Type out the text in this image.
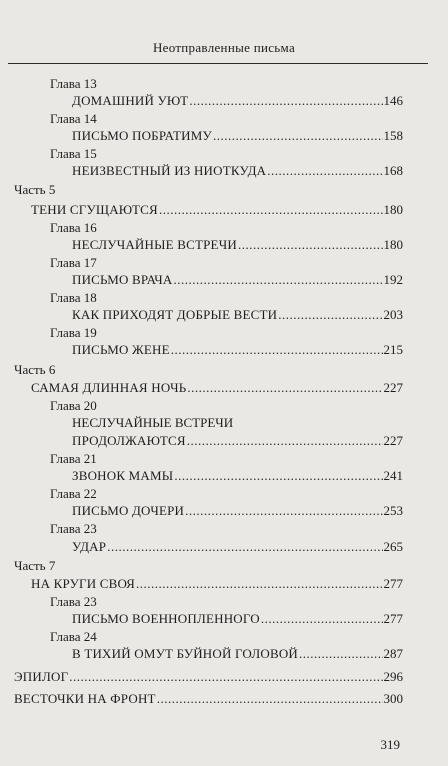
Неотправленные письма
Глава 13
ДОМАШНИЙ УЮТ .....	146
Глава 14
ПИСЬМО ПОБРАТИМУ .....	158
Глава 15
НЕИЗВЕСТНЫЙ ИЗ НИОТКУДА .....	168
Часть 5
ТЕНИ СГУЩАЮТСЯ .....	180
Глава 16
НЕСЛУЧАЙНЫЕ ВСТРЕЧИ .....	180
Глава 17
ПИСЬМО ВРАЧА .....	192
Глава 18
КАК ПРИХОДЯТ ДОБРЫЕ ВЕСТИ .....	203
Глава 19
ПИСЬМО ЖЕНЕ .....	215
Часть 6
САМАЯ ДЛИННАЯ НОЧЬ .....	227
Глава 20
НЕСЛУЧАЙНЫЕ ВСТРЕЧИ
ПРОДОЛЖАЮТСЯ .....	227
Глава 21
ЗВОНОК МАМЫ .....	241
Глава 22
ПИСЬМО ДОЧЕРИ .....	253
Глава 23
УДАР .....	265
Часть 7
НА КРУГИ СВОЯ .....	277
Глава 23
ПИСЬМО ВОЕННОПЛЕННОГО .....	277
Глава 24
В ТИХИЙ ОМУТ БУЙНОЙ ГОЛОВОЙ .....	287
ЭПИЛОГ .....	296
ВЕСТОЧКИ НА ФРОНТ .....	300
319
